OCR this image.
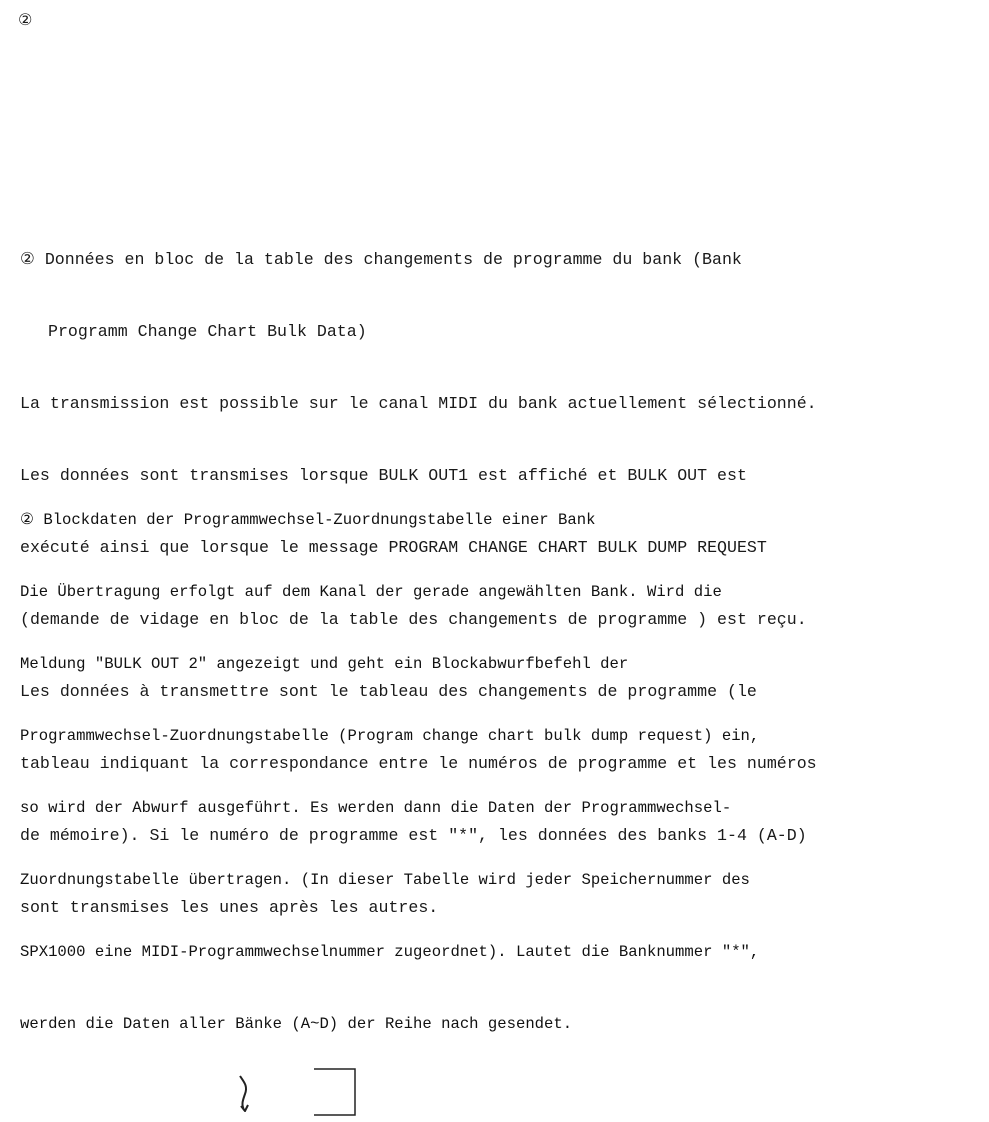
②

② Données en bloc de la table des changements de programme du bank (Bank

Programm Change Chart Bulk Data)

La transmission est possible sur le canal MIDI du bank actuellement sélectionné.

Les données sont transmises lorsque BULK OUT1 est affiché et BULK OUT est

exécuté ainsi que lorsque le message PROGRAM CHANGE CHART BULK DUMP REQUEST

(demande de vidage en bloc de la table des changements de programme ) est reçu.

Les données à transmettre sont le tableau des changements de programme (le

tableau indiquant la correspondance entre le numéros de programme et les numéros

de mémoire). Si le numéro de programme est "*", les données des banks 1-4 (A-D)

sont transmises les unes après les autres.

② Blockdaten der Programmwechsel-Zuordnungstabelle einer Bank

Die Übertragung erfolgt auf dem Kanal der gerade angewählten Bank. Wird die

Meldung "BULK OUT 2" angezeigt und geht ein Blockabwurfbefehl der

Programmwechsel-Zuordnungstabelle (Program change chart bulk dump request) ein,

so wird der Abwurf ausgeführt. Es werden dann die Daten der Programmwechsel-

Zuordnungstabelle übertragen. (In dieser Tabelle wird jeder Speichernummer des

SPX1000 eine MIDI-Programmwechselnummer zugeordnet). Lautet die Banknummer "*",

werden die Daten aller Bänke (A~D) der Reihe nach gesendet.
